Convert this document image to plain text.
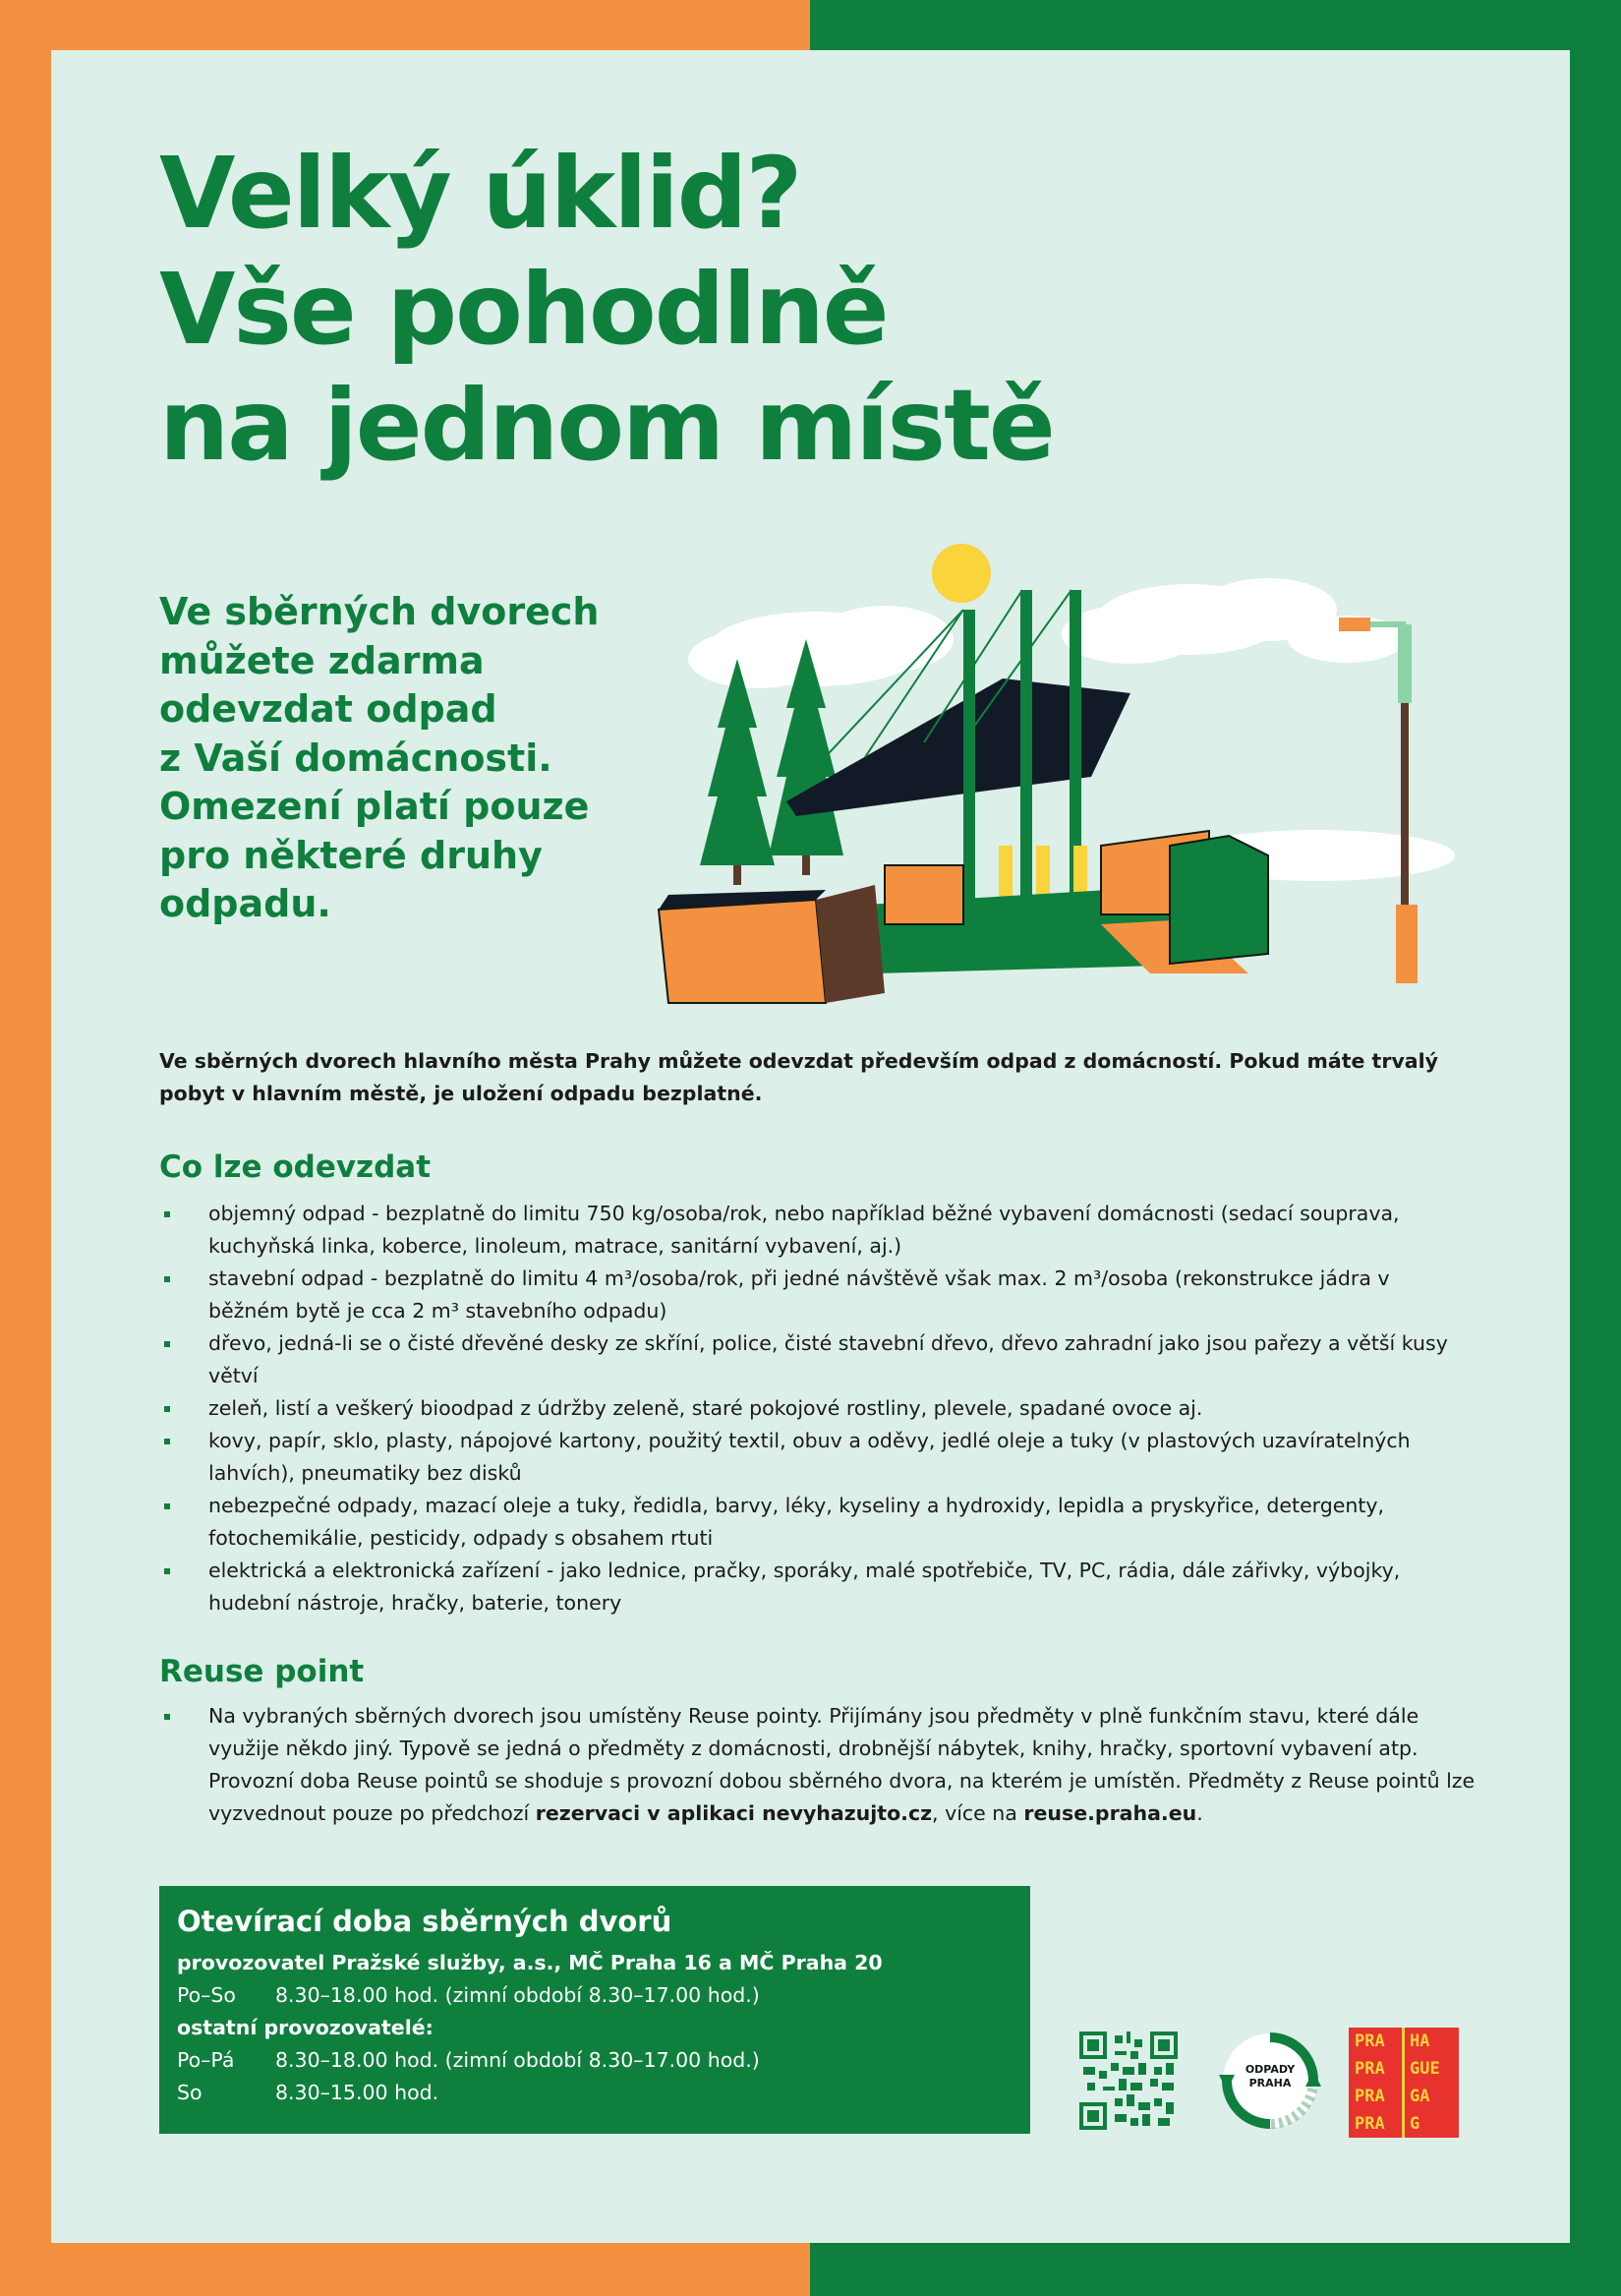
Velký úklid?
Vše pohodlně
na jednom místě
Ve sběrných dvorech
můžete zdarma
odevzdat odpad
z Vaší domácnosti.
Omezení platí pouze
pro některé druhy
odpadu.
Ve sběrných dvorech hlavního města Prahy můžete odevzdat především odpad z domácností. Pokud máte trvalý pobyt v hlavním městě, je uložení odpadu bezplatné.
Co lze odevzdat
objemný odpad - bezplatně do limitu 750 kg/osoba/rok, nebo například běžné vybavení domácnosti (sedací souprava, kuchyňská linka, koberce, linoleum, matrace, sanitární vybavení, aj.)
stavební odpad - bezplatně do limitu 4 m³/osoba/rok, při jedné návštěvě však max. 2 m³/osoba (rekonstrukce jádra v běžném bytě je cca 2 m³ stavebního odpadu)
dřevo, jedná-li se o čisté dřevěné desky ze skříní, police, čisté stavební dřevo, dřevo zahradní jako jsou pařezy a větší kusy větví
zeleň, listí a veškerý bioodpad z údržby zeleně, staré pokojové rostliny, plevele, spadané ovoce aj.
kovy, papír, sklo, plasty, nápojové kartony, použitý textil, obuv a oděvy, jedlé oleje a tuky (v plastových uzavíratelných lahvích), pneumatiky bez disků
nebezpečné odpady, mazací oleje a tuky, ředidla, barvy, léky, kyseliny a hydroxidy, lepidla a pryskyřice, detergenty, fotochemikálie, pesticidy, odpady s obsahem rtuti
elektrická a elektronická zařízení - jako lednice, pračky, sporáky, malé spotřebiče, TV, PC, rádia, dále zářivky, výbojky, hudební nástroje, hračky, baterie, tonery
Reuse point
Na vybraných sběrných dvorech jsou umístěny Reuse pointy. Přijímány jsou předměty v plně funkčním stavu, které dále využije někdo jiný. Typově se jedná o předměty z domácnosti, drobnější nábytek, knihy, hračky, sportovní vybavení atp. Provozní doba Reuse pointů se shoduje s provozní dobou sběrného dvora, na kterém je umístěn. Předměty z Reuse pointů lze vyzvednout pouze po předchozí rezervaci v aplikaci nevyhazujto.cz, více na reuse.praha.eu.
Otevírací doba sběrných dvorů
provozovatel Pražské služby, a.s., MČ Praha 16 a MČ Praha 20
Po–So	8.30–18.00 hod. (zimní období 8.30–17.00 hod.)
ostatní provozovatelé:
Po–Pá	8.30–18.00 hod. (zimní období 8.30–17.00 hod.)
So	8.30–15.00 hod.
ODPADY
PRAHA
PRA	HA
PRA	GUE
PRA	GA
PRA	G
